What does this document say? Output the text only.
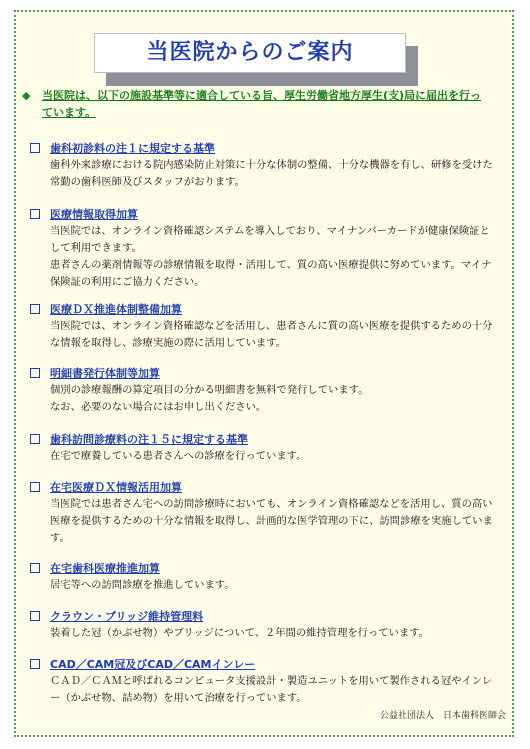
当医院からのご案内
◆ 当医院は、以下の施設基準等に適合している旨、厚生労働省地方厚生(支)局に届出を行っています。
歯科初診料の注１に規定する基準

歯科外来診療における院内感染防止対策に十分な体制の整備、十分な機器を有し、研修を受けた常勤の歯科医師及びスタッフがおります。

医療情報取得加算

当医院では、オンライン資格確認システムを導入しており、マイナンバーカードが健康保険証として利用できます。

患者さんの薬剤情報等の診療情報を取得・活用して、質の高い医療提供に努めています。マイナ保険証の利用にご協力ください。

医療ＤＸ推進体制整備加算

当医院では、オンライン資格確認などを活用し、患者さんに質の高い医療を提供するための十分な情報を取得し、診療実施の際に活用しています。

明細書発行体制等加算

個別の診療報酬の算定項目の分かる明細書を無料で発行しています。

なお、必要のない場合にはお申し出ください。

歯科訪問診療料の注１５に規定する基準

在宅で療養している患者さんへの診療を行っています。

在宅医療ＤＸ情報活用加算

当医院では患者さん宅への訪問診療時においても、オンライン資格確認などを活用し、質の高い医療を提供するための十分な情報を取得し、計画的な医学管理の下に、訪問診療を実施しています。

在宅歯科医療推進加算

居宅等への訪問診療を推進しています。

クラウン・ブリッジ維持管理料

装着した冠（かぶせ物）やブリッジについて、２年間の維持管理を行っています。

CAD／CAM冠及びCAD／CAMインレー

ＣＡＤ／ＣＡＭと呼ばれるコンピュータ支援設計・製造ユニットを用いて製作される冠やインレー（かぶせ物、詰め物）を用いて治療を行っています。

公益社団法人　日本歯科医師会
